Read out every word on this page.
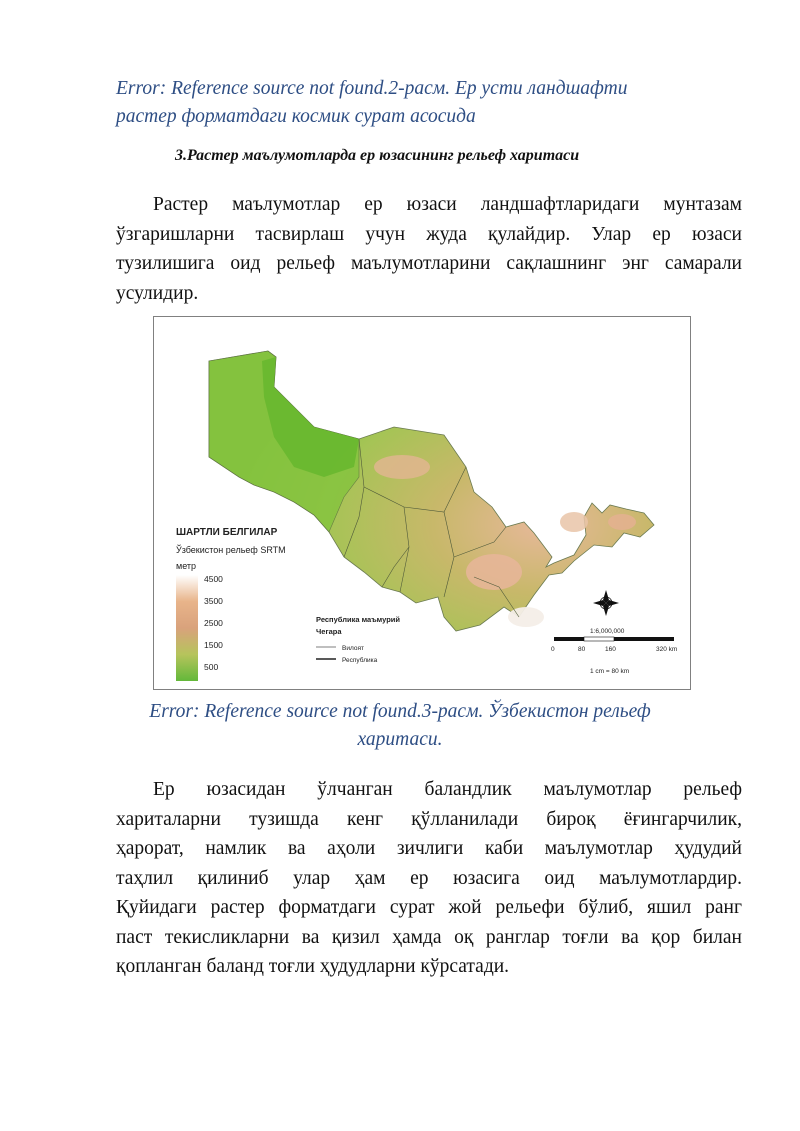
Error: Reference source not found.2-расм. Ер усти ландшафти
растер форматдаги космик сурат асосида
3.Растер маълумотларда ер юзасининг рельеф харитаси
Растер маълумотлар ер юзаси ландшафтларидаги мунтазам
ўзгаришларни тасвирлаш учун жуда қулайдир. Улар ер юзаси
тузилишига оид рельеф маълумотларини сақлашнинг энг самарали
усулидир.
ШАРТЛИ БЕЛГИЛАР
Ўзбекистон рельеф SRTM
метр
4500
3500
2500
1500
500
Республика маъмурий
Чегара
Вилоят
Республика
1:6,000,000
0	80	160	320 km
1 cm = 80 km
Error: Reference source not found.3-расм. Ўзбекистон рельеф
харитаси.
Ер юзасидан ўлчанган баландлик маълумотлар рельеф
хариталарни тузишда кенг қўлланилади бироқ ёғингарчилик,
ҳарорат, намлик ва аҳоли зичлиги каби маълумотлар ҳудудий
таҳлил қилиниб улар ҳам ер юзасига оид маълумотлардир.
Қуйидаги растер форматдаги сурат жой рельефи бўлиб, яшил ранг
паст текисликларни ва қизил ҳамда оқ ранглар тоғли ва қор билан
қопланган баланд тоғли ҳудудларни кўрсатади.
